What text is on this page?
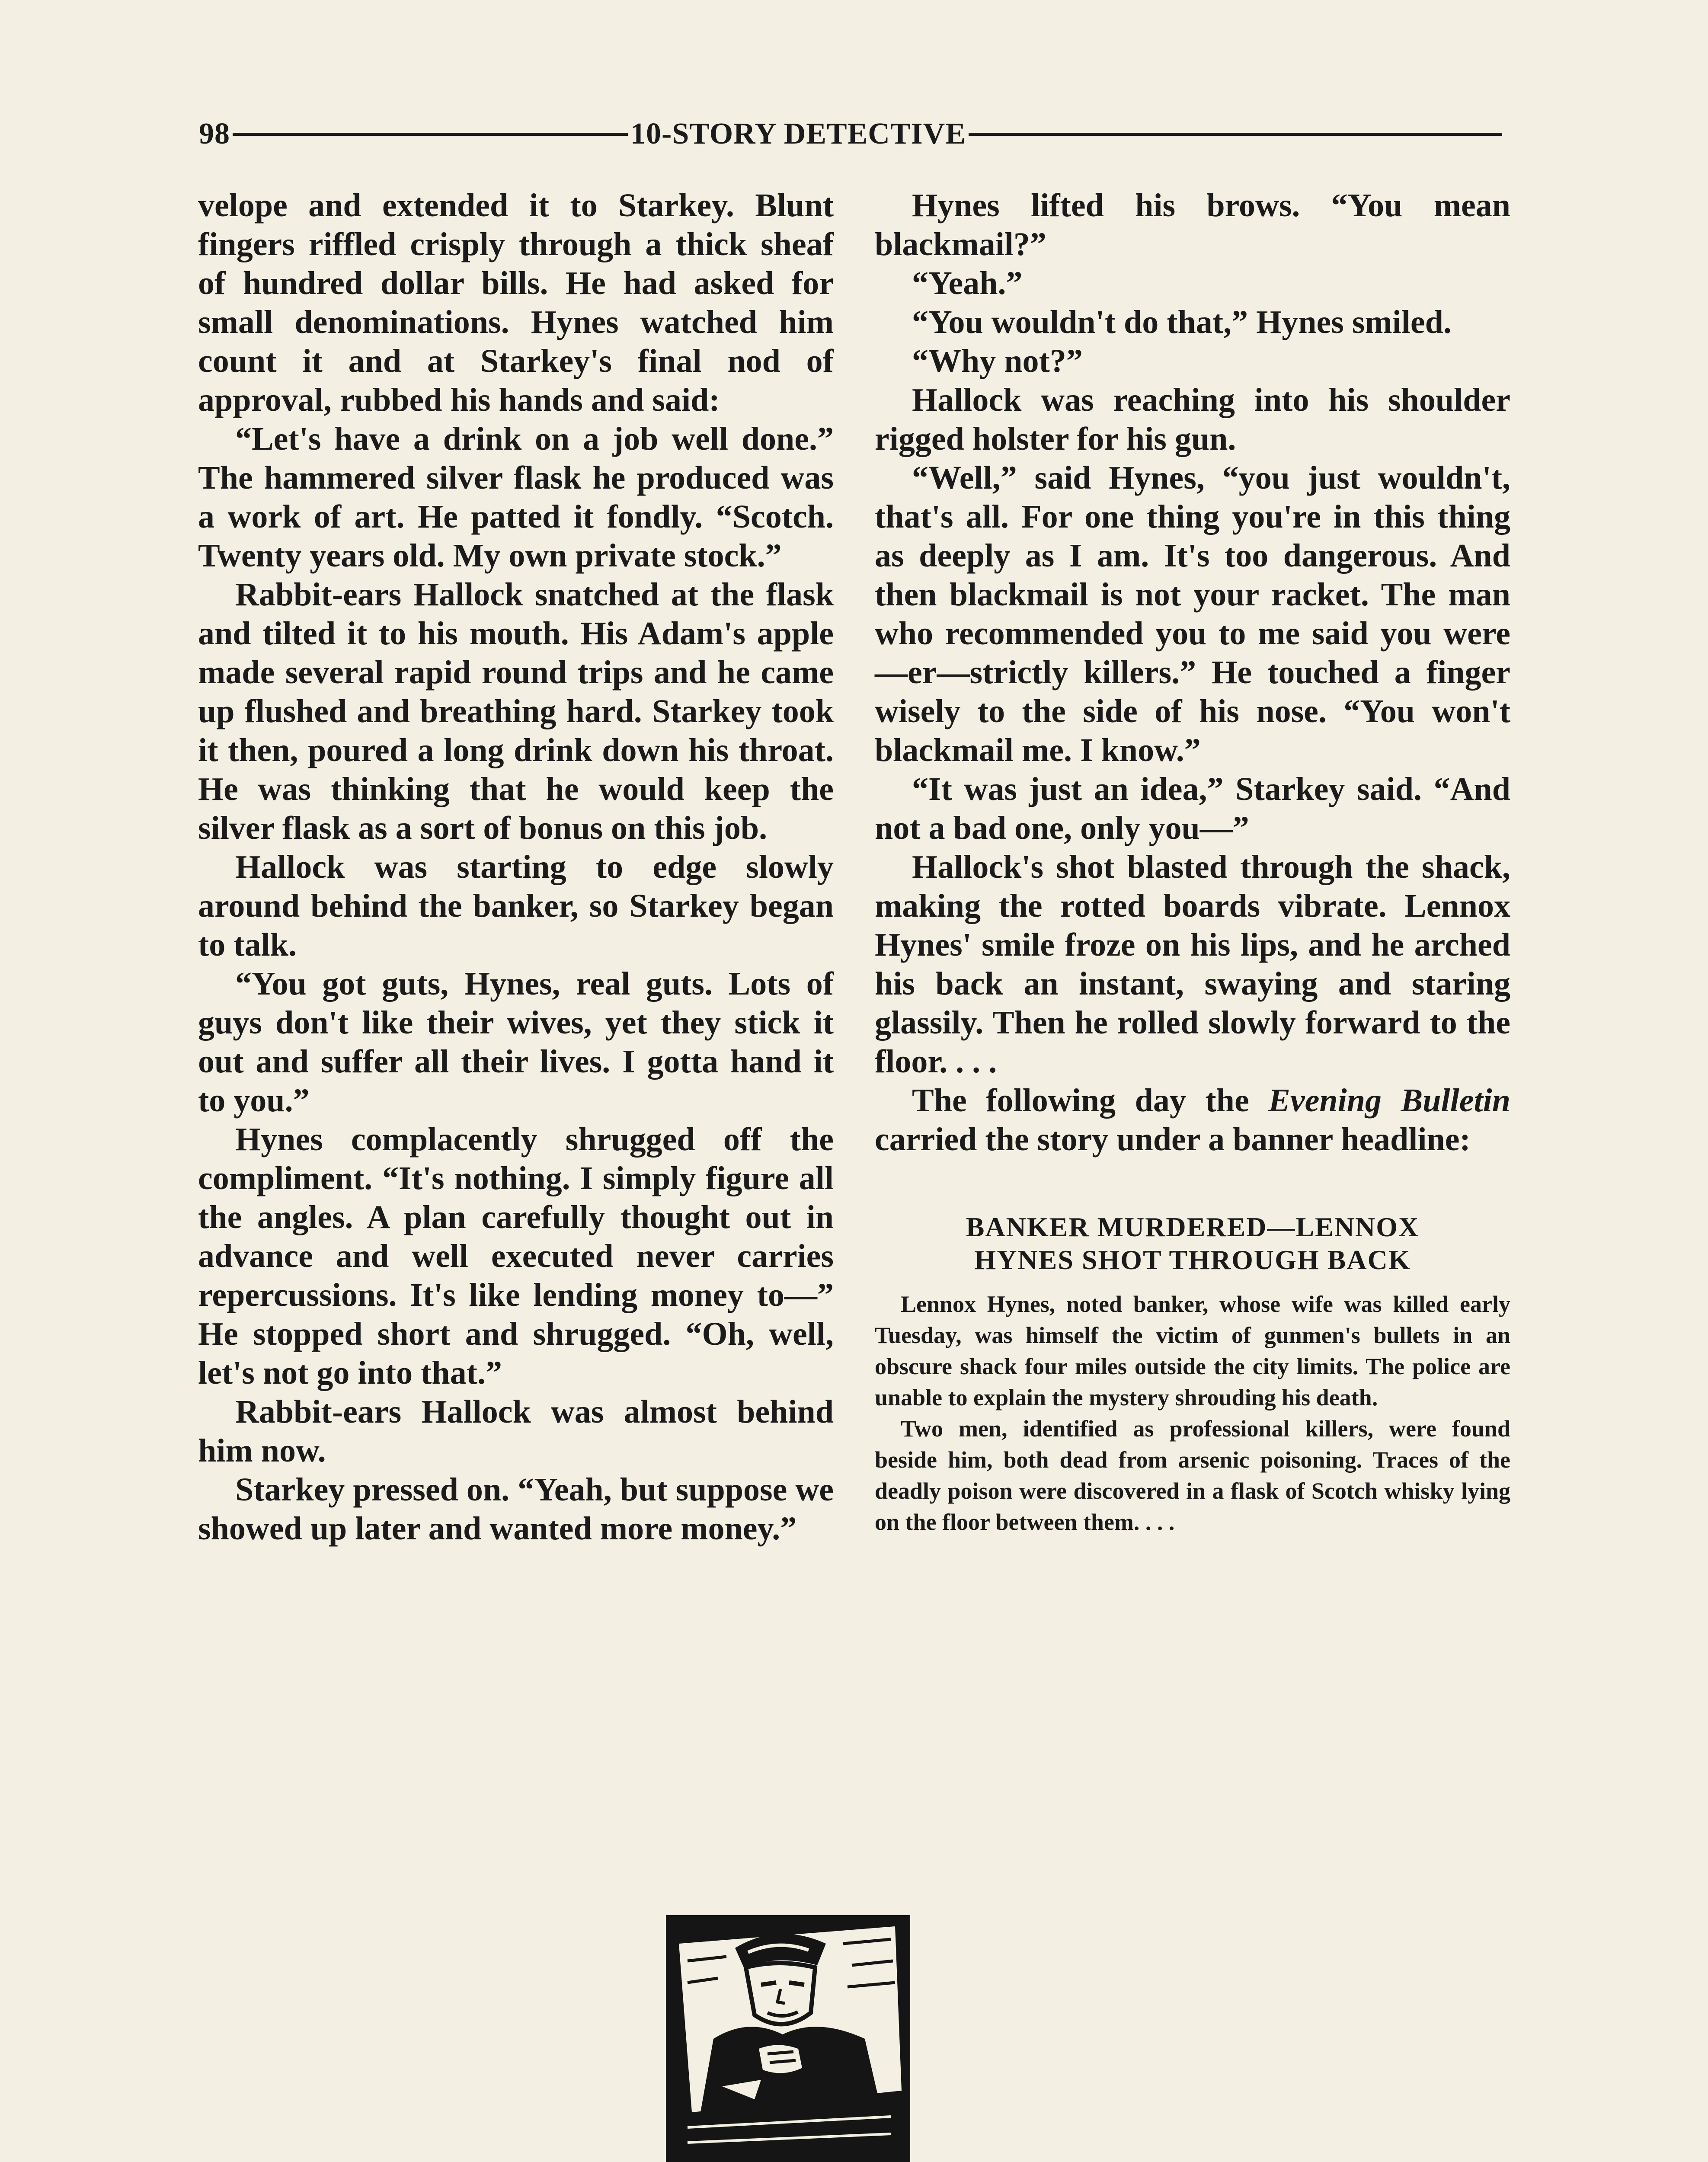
98	10-STORY DETECTIVE

velope and extended it to Starkey. Blunt fingers riffled crisply through a thick sheaf of hundred dollar bills. He had asked for small denominations. Hynes watched him count it and at Starkey's final nod of approval, rubbed his hands and said:

“Let's have a drink on a job well done.” The hammered silver flask he produced was a work of art. He patted it fondly. “Scotch. Twenty years old. My own private stock.”

Rabbit-ears Hallock snatched at the flask and tilted it to his mouth. His Adam's apple made several rapid round trips and he came up flushed and breathing hard. Starkey took it then, poured a long drink down his throat. He was thinking that he would keep the silver flask as a sort of bonus on this job.

Hallock was starting to edge slowly around behind the banker, so Starkey began to talk.

“You got guts, Hynes, real guts. Lots of guys don't like their wives, yet they stick it out and suffer all their lives. I gotta hand it to you.”

Hynes complacently shrugged off the compliment. “It's nothing. I simply figure all the angles. A plan carefully thought out in advance and well executed never carries repercussions. It's like lending money to—” He stopped short and shrugged. “Oh, well, let's not go into that.”

Rabbit-ears Hallock was almost behind him now.

Starkey pressed on. “Yeah, but suppose we showed up later and wanted more money.”

Hynes lifted his brows. “You mean blackmail?”

“Yeah.”

“You wouldn't do that,” Hynes smiled.

“Why not?”

Hallock was reaching into his shoulder rigged holster for his gun.

“Well,” said Hynes, “you just wouldn't, that's all. For one thing you're in this thing as deeply as I am. It's too dangerous. And then blackmail is not your racket. The man who recommended you to me said you were —er—strictly killers.” He touched a finger wisely to the side of his nose. “You won't blackmail me. I know.”

“It was just an idea,” Starkey said. “And not a bad one, only you—”

Hallock's shot blasted through the shack, making the rotted boards vibrate. Lennox Hynes' smile froze on his lips, and he arched his back an instant, swaying and staring glassily. Then he rolled slowly forward to the floor. . . .

The following day the Evening Bulletin carried the story under a banner headline:

BANKER MURDERED—LENNOX
HYNES SHOT THROUGH BACK

Lennox Hynes, noted banker, whose wife was killed early Tuesday, was himself the victim of gunmen's bullets in an obscure shack four miles outside the city limits. The police are unable to explain the mystery shrouding his death.

Two men, identified as professional killers, were found beside him, both dead from arsenic poisoning. Traces of the deadly poison were discovered in a flask of Scotch whisky lying on the floor between them. . . .
